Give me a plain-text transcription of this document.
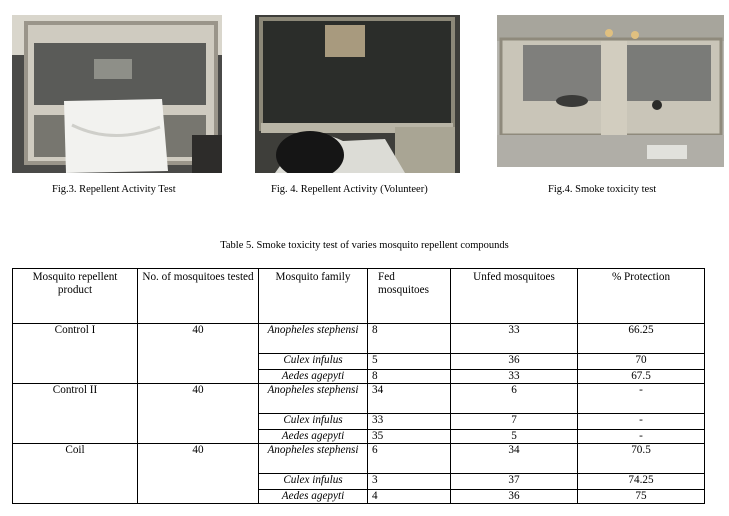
Fig.3. Repellent Activity Test	Fig. 4. Repellent Activity (Volunteer)	Fig.4. Smoke toxicity test
Table 5. Smoke toxicity test of varies mosquito repellent compounds
Mosquito repellent product	No. of mosquitoes tested	Mosquito family	Fed mosquitoes	Unfed mosquitoes	% Protection
Control I	40	Anopheles stephensi	8	33	66.25
		Culex infulus	5	36	70
		Aedes agepyti	8	33	67.5
Control II	40	Anopheles stephensi	34	6	-
		Culex infulus	33	7	-
		Aedes agepyti	35	5	-
Coil	40	Anopheles stephensi	6	34	70.5
		Culex infulus	3	37	74.25
		Aedes agepyti	4	36	75
